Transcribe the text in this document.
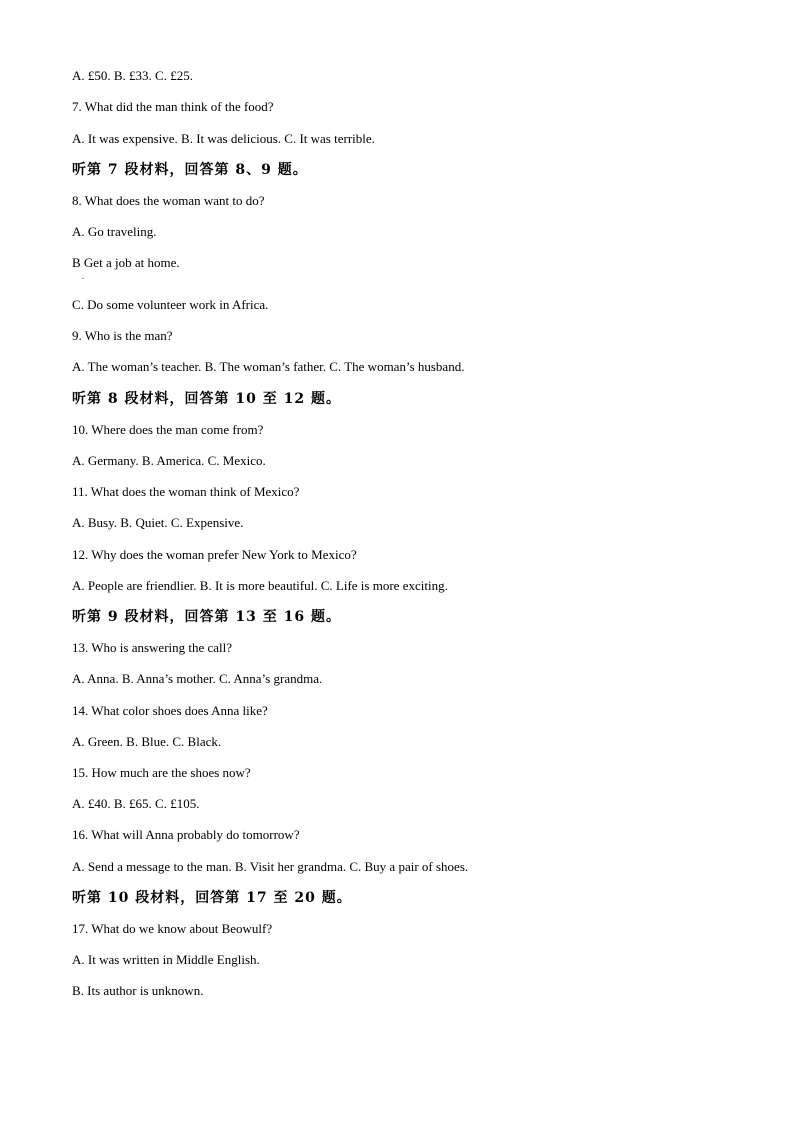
A. £50. B. £33. C. £25.
7. What did the man think of the food?
A. It was expensive. B. It was delicious. C. It was terrible.
听第 7 段材料，回答第 8、9 题。
8. What does the woman want to do?
A. Go traveling.
B Get a job at home.
.
C. Do some volunteer work in Africa.
9. Who is the man?
A. The woman’s teacher. B. The woman’s father. C. The woman’s husband.
听第 8 段材料，回答第 10 至 12 题。
10. Where does the man come from?
A. Germany. B. America. C. Mexico.
11. What does the woman think of Mexico?
A. Busy. B. Quiet. C. Expensive.
12. Why does the woman prefer New York to Mexico?
A. People are friendlier. B. It is more beautiful. C. Life is more exciting.
听第 9 段材料，回答第 13 至 16 题。
13. Who is answering the call?
A. Anna. B. Anna’s mother. C. Anna’s grandma.
14. What color shoes does Anna like?
A. Green. B. Blue. C. Black.
15. How much are the shoes now?
A. £40. B. £65. C. £105.
16. What will Anna probably do tomorrow?
A. Send a message to the man. B. Visit her grandma. C. Buy a pair of shoes.
听第 10 段材料，回答第 17 至 20 题。
17. What do we know about Beowulf?
A. It was written in Middle English.
B. Its author is unknown.
